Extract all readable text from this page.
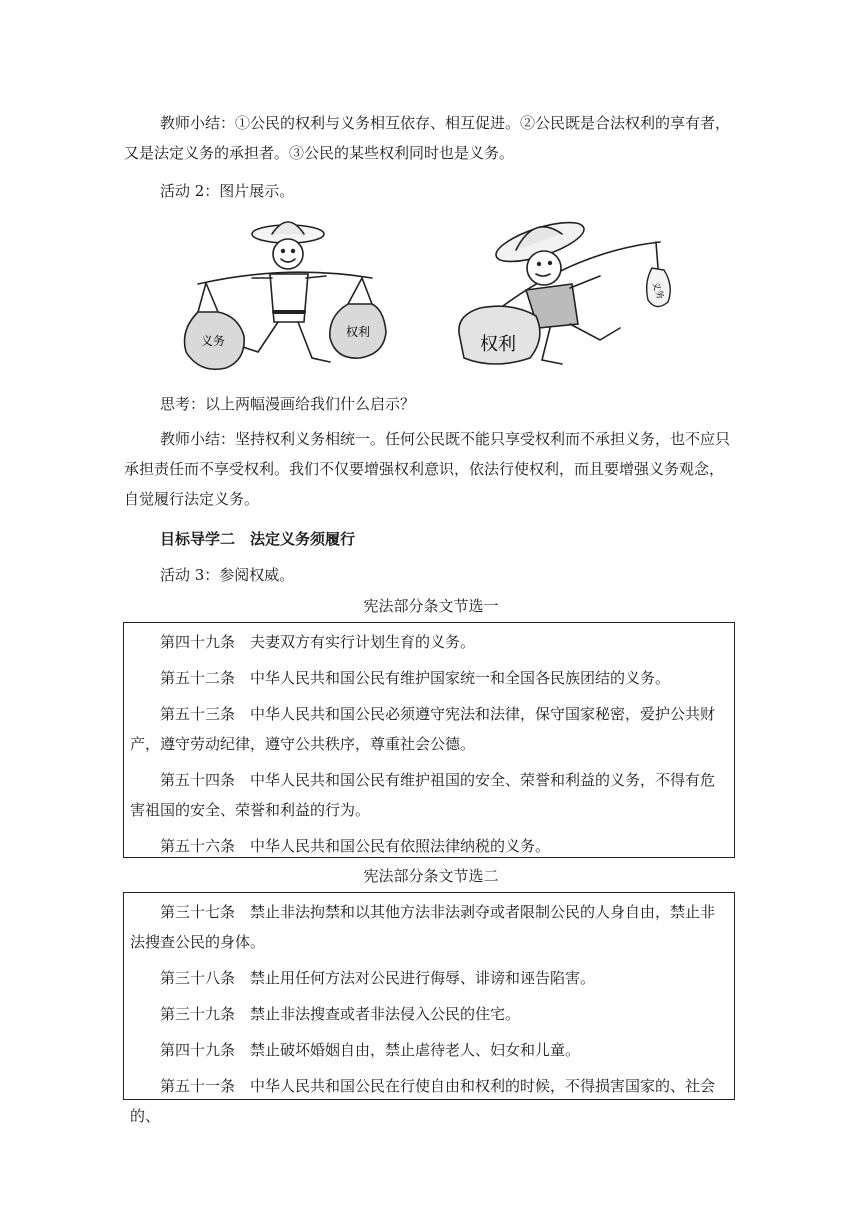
教师小结：①公民的权利与义务相互依存、相互促进。②公民既是合法权利的享有者，又是法定义务的承担者。③公民的某些权利同时也是义务。

活动 2：图片展示。

义务
权利
权利
义务

思考：以上两幅漫画给我们什么启示？

教师小结：坚持权利义务相统一。任何公民既不能只享受权利而不承担义务，也不应只承担责任而不享受权利。我们不仅要增强权利意识，依法行使权利，而且要增强义务观念，自觉履行法定义务。

目标导学二　法定义务须履行

活动 3：参阅权威。

宪法部分条文节选一

第四十九条　夫妻双方有实行计划生育的义务。

第五十二条　中华人民共和国公民有维护国家统一和全国各民族团结的义务。

第五十三条　中华人民共和国公民必须遵守宪法和法律，保守国家秘密，爱护公共财产，遵守劳动纪律，遵守公共秩序，尊重社会公德。

第五十四条　中华人民共和国公民有维护祖国的安全、荣誉和利益的义务，不得有危害祖国的安全、荣誉和利益的行为。

第五十六条　中华人民共和国公民有依照法律纳税的义务。

宪法部分条文节选二

第三十七条　禁止非法拘禁和以其他方法非法剥夺或者限制公民的人身自由，禁止非法搜查公民的身体。

第三十八条　禁止用任何方法对公民进行侮辱、诽谤和诬告陷害。

第三十九条　禁止非法搜查或者非法侵入公民的住宅。

第四十九条　禁止破坏婚姻自由，禁止虐待老人、妇女和儿童。

第五十一条　中华人民共和国公民在行使自由和权利的时候，不得损害国家的、社会的、
